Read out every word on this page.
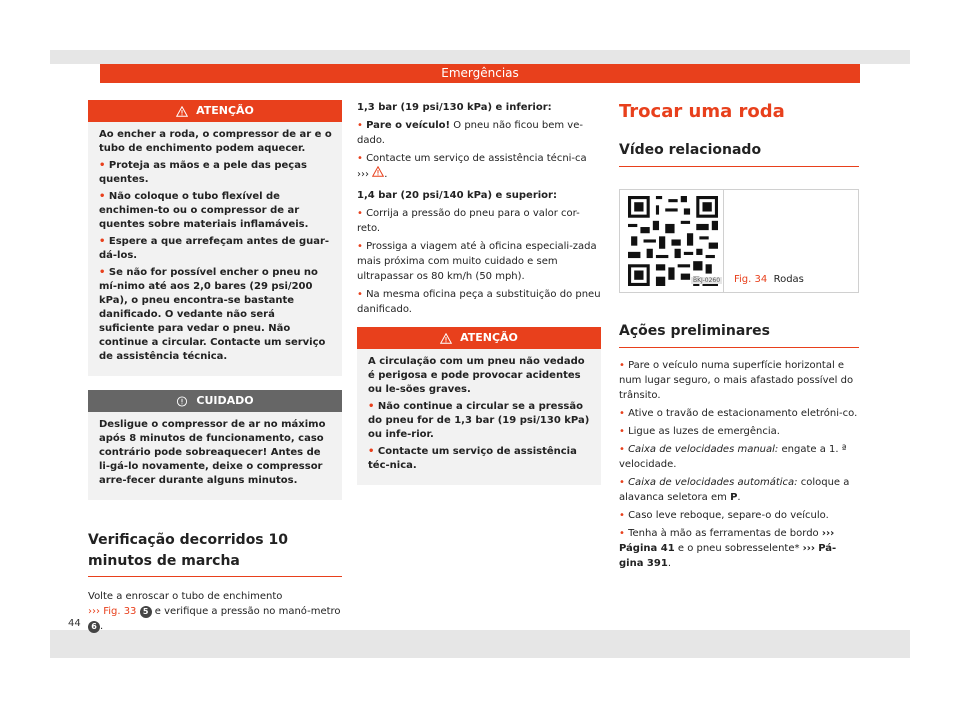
Emergências
ATENÇÃO

Ao encher a roda, o compressor de ar e o tubo de enchimento podem aquecer.

• Proteja as mãos e a pele das peças quentes.

• Não coloque o tubo flexível de enchimen-to ou o compressor de ar quentes sobre materiais inflamáveis.

• Espere a que arrefeçam antes de guar-dá-los.

• Se não for possível encher o pneu no mí-nimo até aos 2,0 bares (29 psi/200 kPa), o pneu encontra-se bastante danificado. O vedante não será suficiente para vedar o pneu. Não continue a circular. Contacte um serviço de assistência técnica.

CUIDADO

Desligue o compressor de ar no máximo após 8 minutos de funcionamento, caso contrário pode sobreaquecer! Antes de li-gá-lo novamente, deixe o compressor arre-fecer durante alguns minutos.

Verificação decorridos 10 minutos de marcha

Volte a enroscar o tubo de enchimento
››› Fig. 33 5 e verifique a pressão no manó-metro 6 .

1,3 bar (19 psi/130 kPa) e inferior:

• Pare o veículo! O pneu não ficou bem ve-dado.

• Contacte um serviço de assistência técni-ca ››› .

1,4 bar (20 psi/140 kPa) e superior:

• Corrija a pressão do pneu para o valor cor-reto.

• Prossiga a viagem até à oficina especiali-zada mais próxima com muito cuidado e sem ultrapassar os 80 km/h (50 mph).

• Na mesma oficina peça a substituição do pneu danificado.

ATENÇÃO

A circulação com um pneu não vedado é perigosa e pode provocar acidentes ou le-sões graves.

• Não continue a circular se a pressão do pneu for de 1,3 bar (19 psi/130 kPa) ou infe-rior.

• Contacte um serviço de assistência téc-nica.

Trocar uma roda
Vídeo relacionado
BKJ-0260 Fig. 34 Rodas
Ações preliminares

• Pare o veículo numa superfície horizontal e num lugar seguro, o mais afastado possível do trânsito.

• Ative o travão de estacionamento eletróni-co.

• Ligue as luzes de emergência.

• Caixa de velocidades manual: engate a 1. ª velocidade.

• Caixa de velocidades automática: coloque a alavanca seletora em P.

• Caso leve reboque, separe-o do veículo.

• Tenha à mão as ferramentas de bordo ››› Página 41 e o pneu sobresselente* ››› Pá-gina 391.

44
